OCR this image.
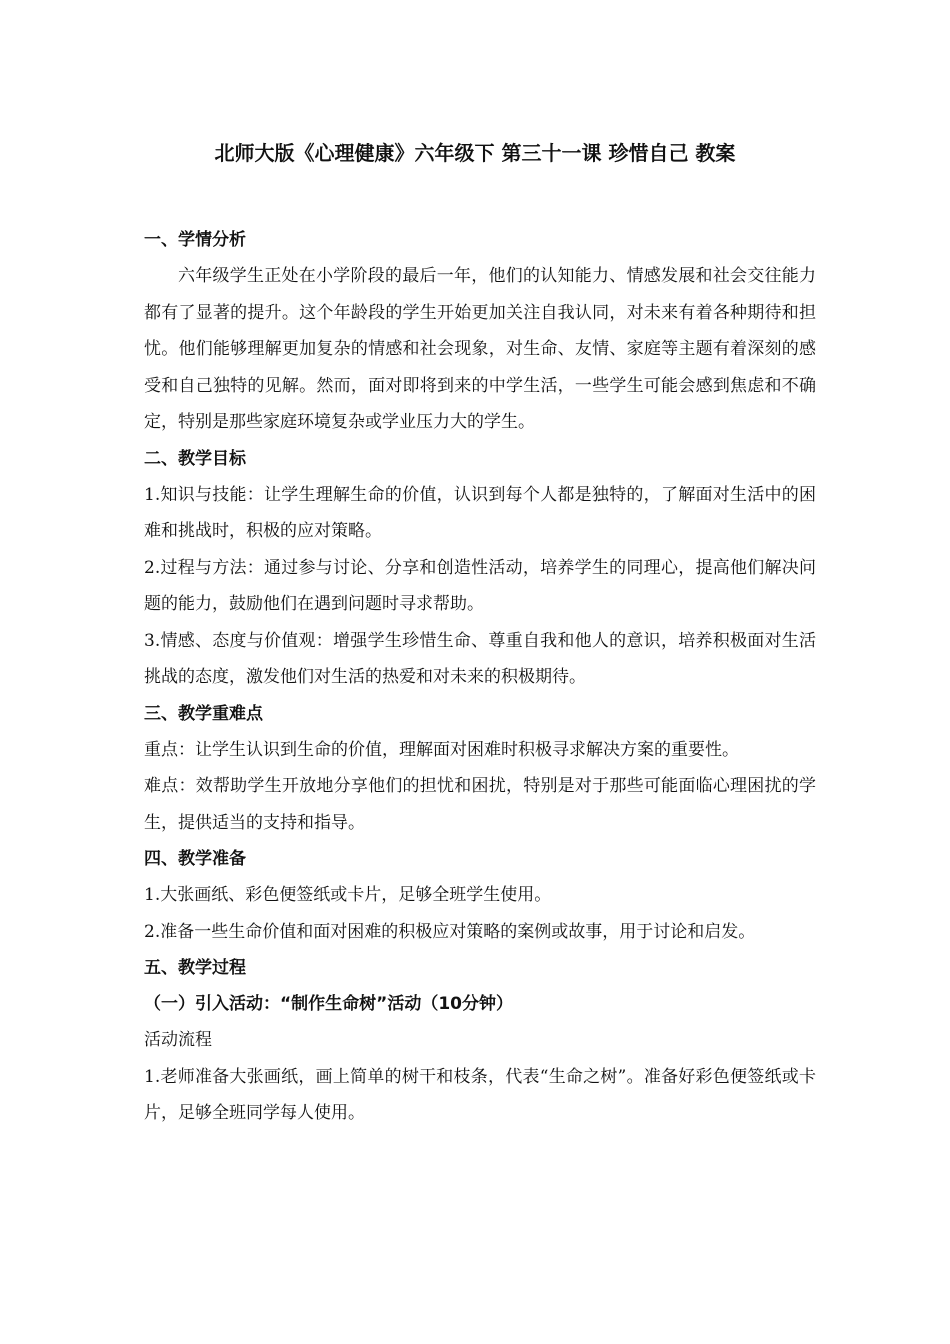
北师大版《心理健康》六年级下 第三十一课 珍惜自己 教案

一、学情分析

六年级学生正处在小学阶段的最后一年，他们的认知能力、情感发展和社会交往能力都有了显著的提升。这个年龄段的学生开始更加关注自我认同，对未来有着各种期待和担忧。他们能够理解更加复杂的情感和社会现象，对生命、友情、家庭等主题有着深刻的感受和自己独特的见解。然而，面对即将到来的中学生活，一些学生可能会感到焦虑和不确定，特别是那些家庭环境复杂或学业压力大的学生。

二、教学目标

1.知识与技能：让学生理解生命的价值，认识到每个人都是独特的，了解面对生活中的困难和挑战时，积极的应对策略。

2.过程与方法：通过参与讨论、分享和创造性活动，培养学生的同理心，提高他们解决问题的能力，鼓励他们在遇到问题时寻求帮助。

3.情感、态度与价值观：增强学生珍惜生命、尊重自我和他人的意识，培养积极面对生活挑战的态度，激发他们对生活的热爱和对未来的积极期待。

三、教学重难点

重点：让学生认识到生命的价值，理解面对困难时积极寻求解决方案的重要性。

难点：效帮助学生开放地分享他们的担忧和困扰，特别是对于那些可能面临心理困扰的学生，提供适当的支持和指导。

四、教学准备

1.大张画纸、彩色便签纸或卡片，足够全班学生使用。

2.准备一些生命价值和面对困难的积极应对策略的案例或故事，用于讨论和启发。

五、教学过程

（一）引入活动：“制作生命树”活动（10分钟）

活动流程

1.老师准备大张画纸，画上简单的树干和枝条，代表“生命之树”。准备好彩色便签纸或卡片，足够全班同学每人使用。
